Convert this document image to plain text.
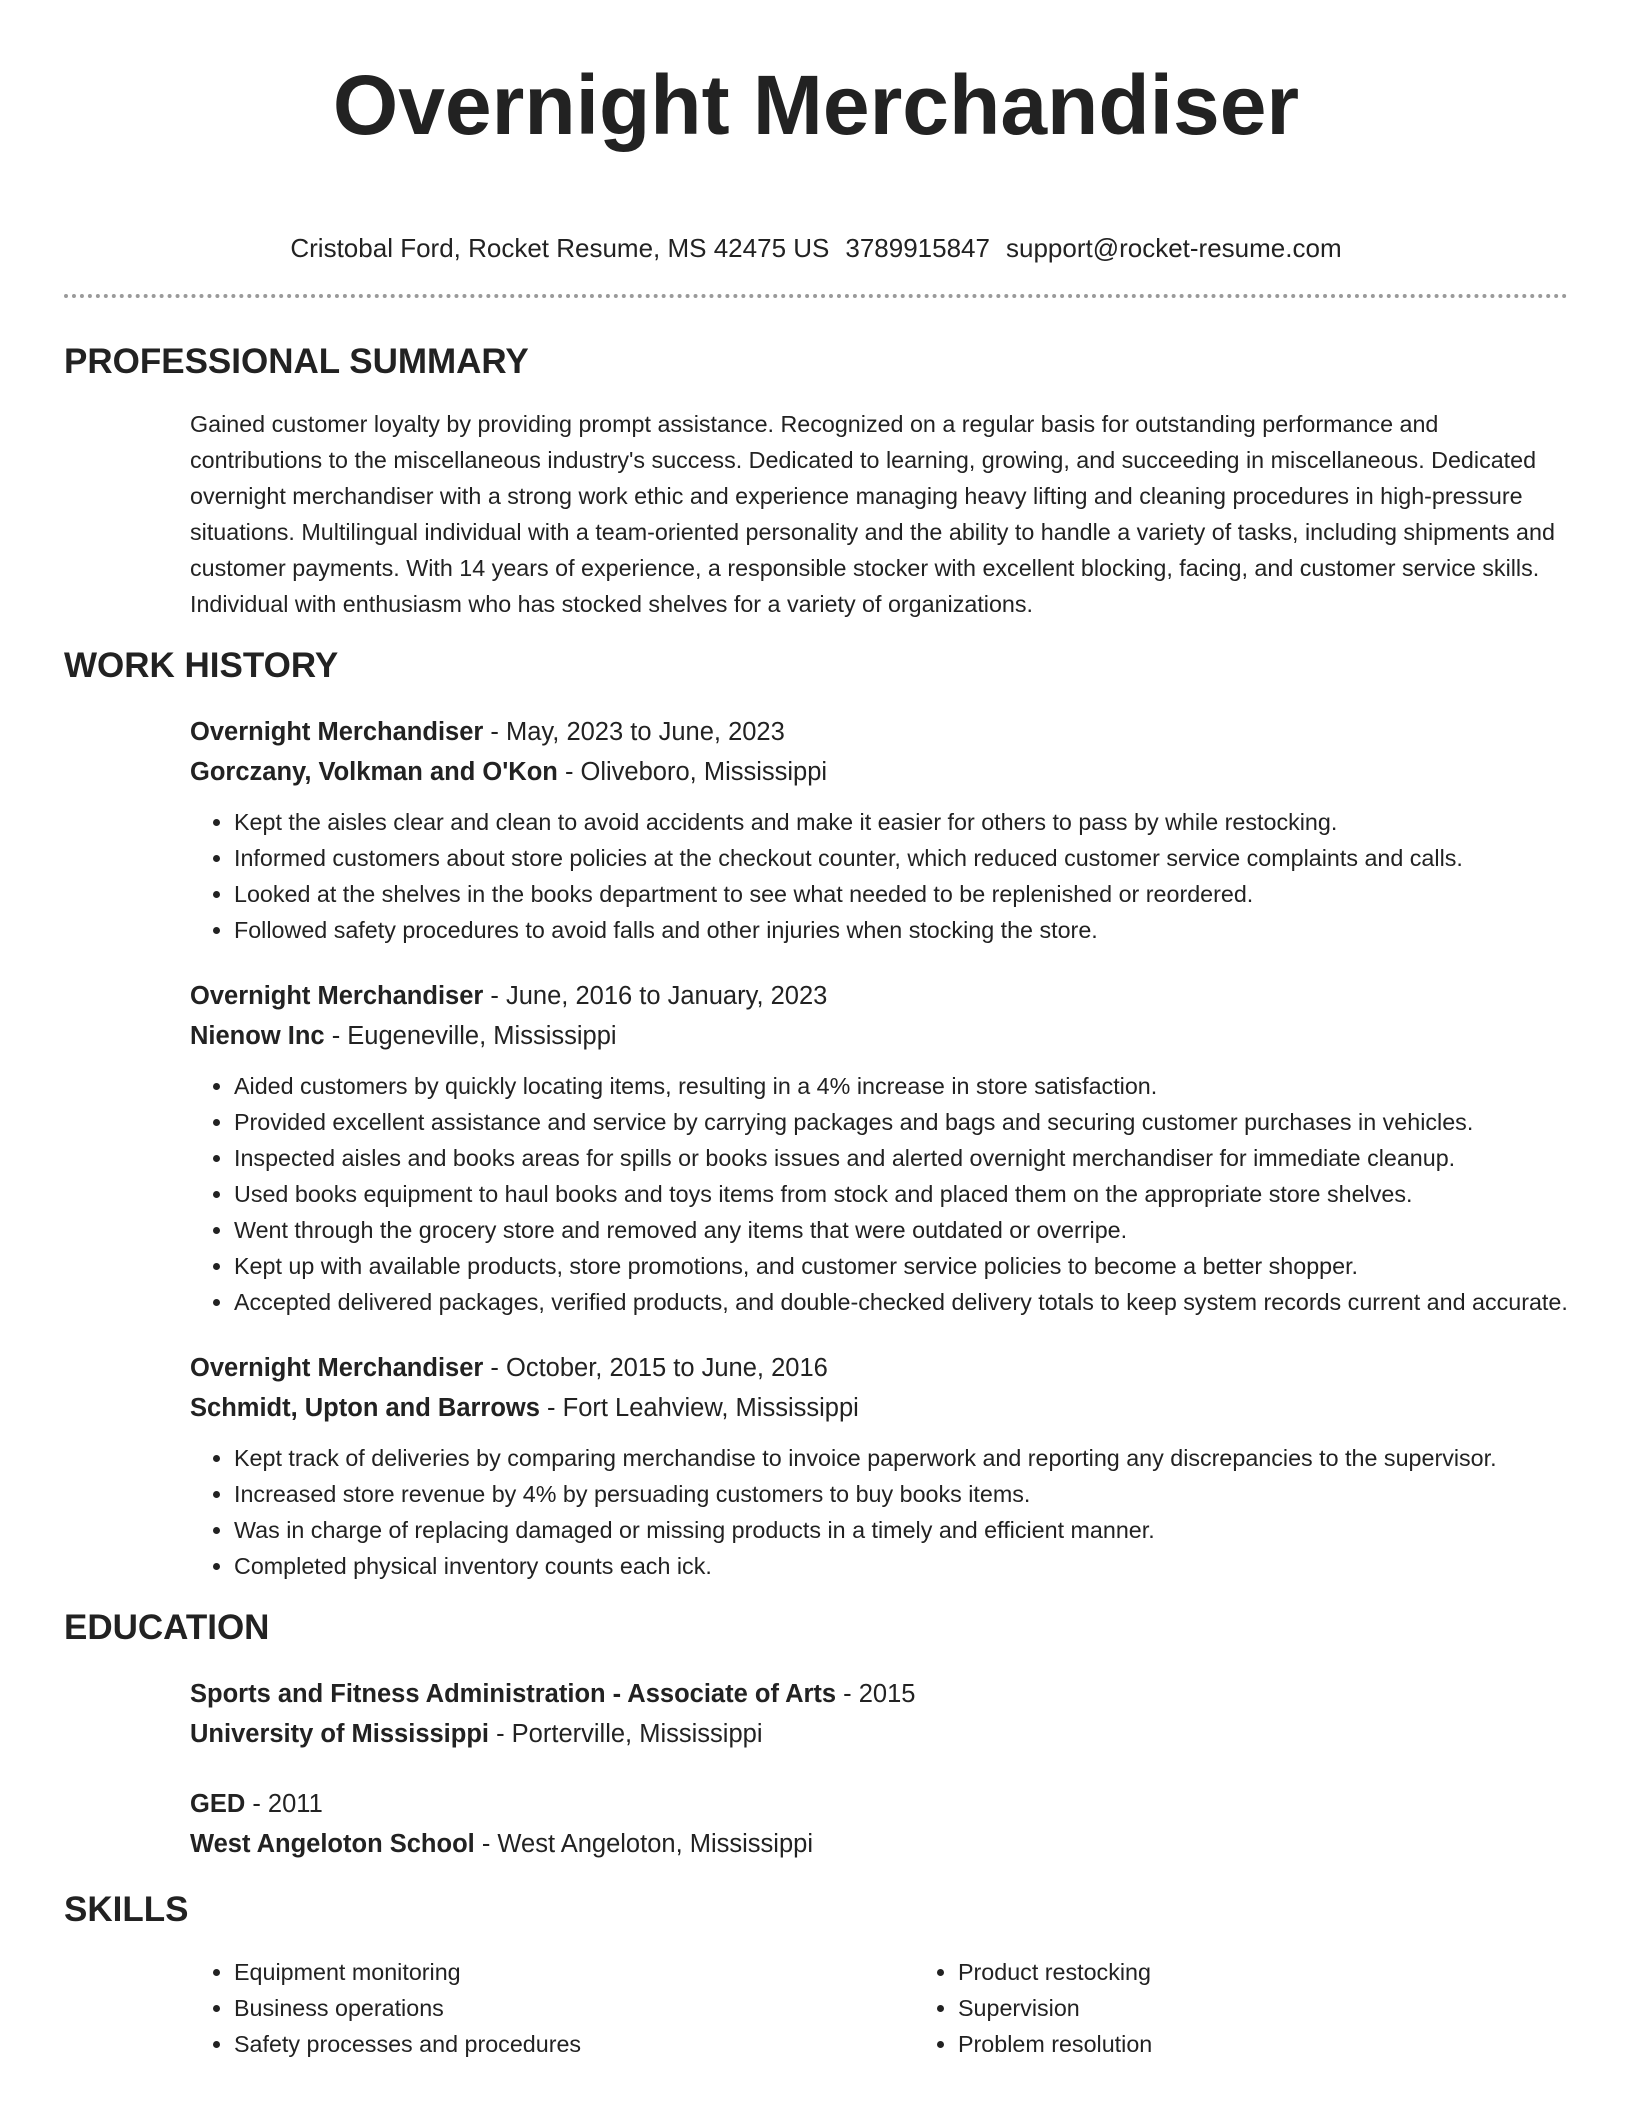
Overnight Merchandiser
Cristobal Ford, Rocket Resume, MS 42475 US 3789915847 support@rocket-resume.com
PROFESSIONAL SUMMARY

Gained customer loyalty by providing prompt assistance. Recognized on a regular basis for outstanding performance and contributions to the miscellaneous industry's success. Dedicated to learning, growing, and succeeding in miscellaneous. Dedicated overnight merchandiser with a strong work ethic and experience managing heavy lifting and cleaning procedures in high-pressure situations. Multilingual individual with a team-oriented personality and the ability to handle a variety of tasks, including shipments and customer payments. With 14 years of experience, a responsible stocker with excellent blocking, facing, and customer service skills. Individual with enthusiasm who has stocked shelves for a variety of organizations.

WORK HISTORY
Overnight Merchandiser - May, 2023 to June, 2023
Gorczany, Volkman and O'Kon - Oliveboro, Mississippi
• Kept the aisles clear and clean to avoid accidents and make it easier for others to pass by while restocking.
• Informed customers about store policies at the checkout counter, which reduced customer service complaints and calls.
• Looked at the shelves in the books department to see what needed to be replenished or reordered.
• Followed safety procedures to avoid falls and other injuries when stocking the store.
Overnight Merchandiser - June, 2016 to January, 2023
Nienow Inc - Eugeneville, Mississippi
• Aided customers by quickly locating items, resulting in a 4% increase in store satisfaction.
• Provided excellent assistance and service by carrying packages and bags and securing customer purchases in vehicles.
• Inspected aisles and books areas for spills or books issues and alerted overnight merchandiser for immediate cleanup.
• Used books equipment to haul books and toys items from stock and placed them on the appropriate store shelves.
• Went through the grocery store and removed any items that were outdated or overripe.
• Kept up with available products, store promotions, and customer service policies to become a better shopper.
• Accepted delivered packages, verified products, and double-checked delivery totals to keep system records current and accurate.
Overnight Merchandiser - October, 2015 to June, 2016
Schmidt, Upton and Barrows - Fort Leahview, Mississippi
• Kept track of deliveries by comparing merchandise to invoice paperwork and reporting any discrepancies to the supervisor.
• Increased store revenue by 4% by persuading customers to buy books items.
• Was in charge of replacing damaged or missing products in a timely and efficient manner.
• Completed physical inventory counts each ick.
EDUCATION
Sports and Fitness Administration - Associate of Arts - 2015
University of Mississippi - Porterville, Mississippi
GED - 2011
West Angeloton School - West Angeloton, Mississippi
SKILLS
• Equipment monitoring
• Business operations
• Safety processes and procedures
• Product restocking
• Supervision
• Problem resolution
